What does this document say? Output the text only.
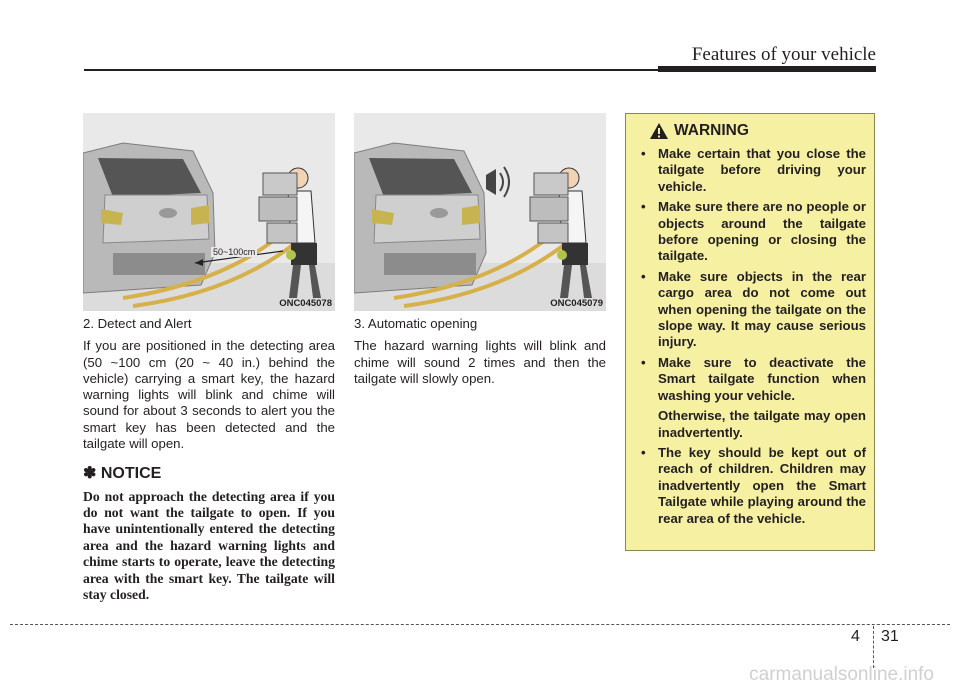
Features of your vehicle
50~100cm
ONC045078	ONC045079

2. Detect and Alert

If you are positioned in the detecting area (50 ~100 cm (20 ~ 40 in.) behind the vehicle) carrying a smart key, the hazard warning lights will blink and chime will sound for about 3 seconds to alert you the smart key has been detected and the tailgate will open.

✽ NOTICE

Do not approach the detecting area if you do not want the tailgate to open. If you have unintentionally entered the detecting area and the hazard warning lights and chime starts to operate, leave the detecting area with the smart key. The tailgate will stay closed.

3. Automatic opening

The hazard warning lights will blink and chime will sound 2 times and then the tailgate will slowly open.

WARNING
• Make certain that you close the tailgate before driving your vehicle.
• Make sure there are no people or objects around the tailgate before opening or closing the tailgate.
• Make sure objects in the rear cargo area do not come out when opening the tailgate on the slope way. It may cause serious injury.
• Make sure to deactivate the Smart tailgate function when washing your vehicle.
Otherwise, the tailgate may open inadvertently.
• The key should be kept out of reach of children. Children may inadvertently open the Smart Tailgate while playing around the rear area of the vehicle.
4 31
carmanualsonline.info
